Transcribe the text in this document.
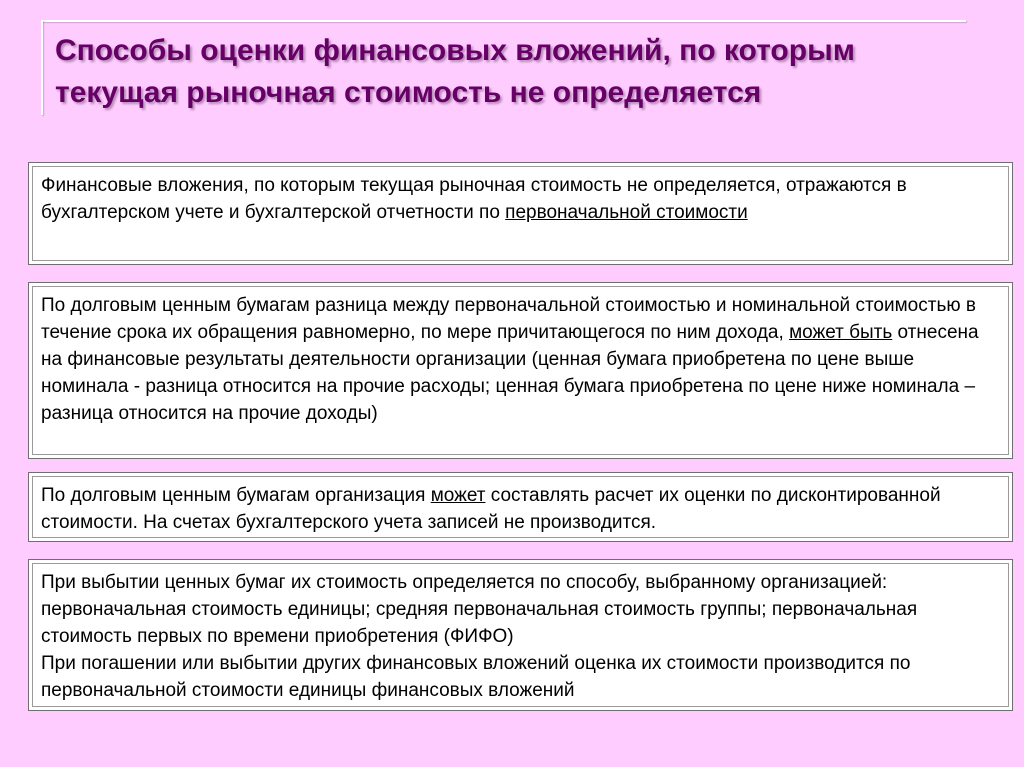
Способы оценки финансовых вложений, по которым текущая рыночная стоимость не определяется
Финансовые вложения, по которым текущая рыночная стоимость не определяется, отражаются в бухгалтерском учете и бухгалтерской отчетности по первоначальной стоимости
По долговым ценным бумагам разница между первоначальной стоимостью и номинальной стоимостью в течение срока их обращения равномерно, по мере причитающегося по ним дохода, может быть отнесена на финансовые результаты деятельности организации (ценная бумага приобретена по цене выше номинала - разница относится на прочие расходы; ценная бумага приобретена по цене ниже номинала – разница относится на прочие доходы)
По долговым ценным бумагам организация может составлять расчет их оценки по дисконтированной стоимости. На счетах бухгалтерского учета записей не производится.
При выбытии ценных бумаг их стоимость определяется по способу, выбранному организацией: первоначальная стоимость единицы; средняя первоначальная стоимость группы; первоначальная стоимость первых по времени приобретения (ФИФО)
При погашении или выбытии других финансовых вложений оценка их стоимости производится по первоначальной стоимости единицы финансовых вложений
